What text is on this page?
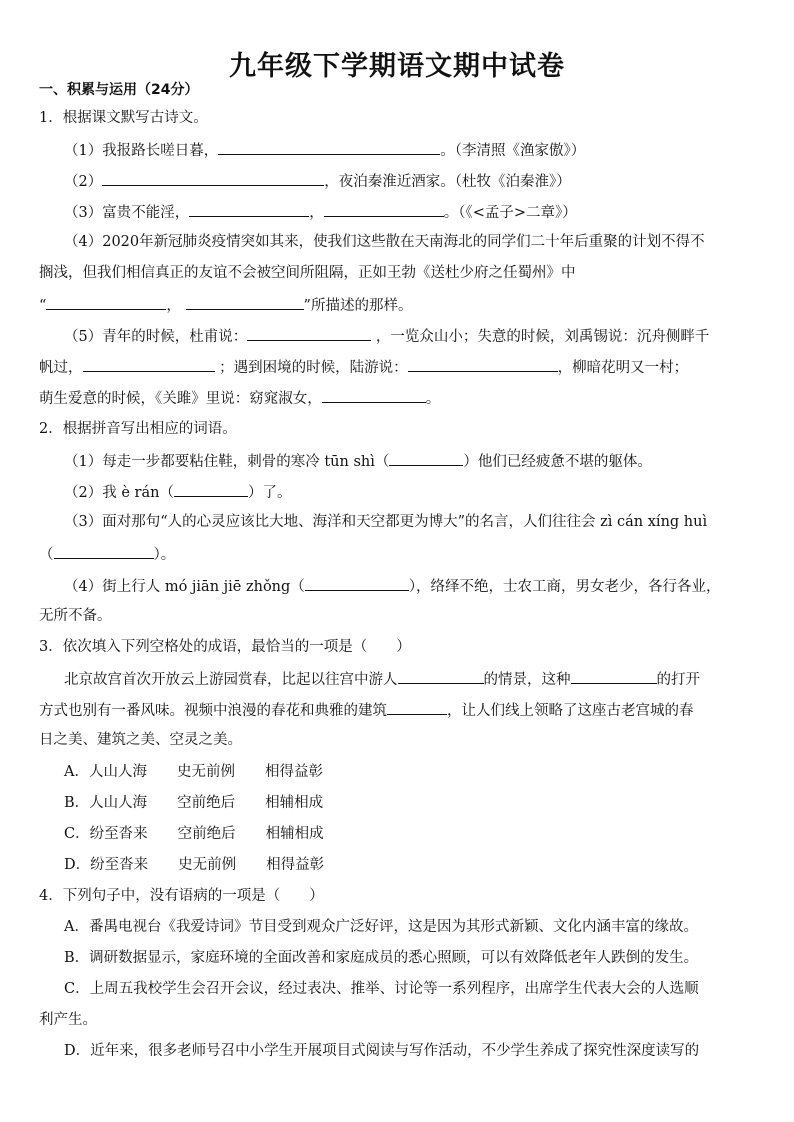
九年级下学期语文期中试卷
一、积累与运用（24分）
1．根据课文默写古诗文。
（1）我报路长嗟日暮，	。（李清照《渔家傲》）
（2）	，夜泊秦淮近酒家。（杜牧《泊秦淮》）
（3）富贵不能淫，	，	。（《<孟子>二章》）
（4）2020年新冠肺炎疫情突如其来，使我们这些散在天南海北的同学们二十年后重聚的计划不得不
搁浅，但我们相信真正的友谊不会被空间所阻隔，正如王勃《送杜少府之任蜀州》中
“	，	”所描述的那样。
（5）青年的时候，杜甫说：	，一览众山小；失意的时候，刘禹锡说：沉舟侧畔千
帆过，	；遇到困境的时候，陆游说：	，柳暗花明又一村；
萌生爱意的时候，《关雎》里说：窈窕淑女，	。
2．根据拼音写出相应的词语。
（1）每走一步都要粘住鞋，刺骨的寒冷 tūn shì（	）他们已经疲惫不堪的躯体。
（2）我 è rán（	）了。
（3）面对那句“人的心灵应该比大地、海洋和天空都更为博大”的名言，人们往往会 zì cán xíng huì
（	）。
（4）街上行人 mó jiān jiē zhǒng（	），络绎不绝，士农工商，男女老少，各行各业，
无所不备。
3．依次填入下列空格处的成语，最恰当的一项是（　　）
北京故宫首次开放云上游园赏春，比起以往宫中游人	的情景，这种	的打开
方式也别有一番风味。视频中浪漫的春花和典雅的建筑	，让人们线上领略了这座古老宫城的春
日之美、建筑之美、空灵之美。
A．人山人海 史无前例 相得益彰
B．人山人海 空前绝后 相辅相成
C．纷至沓来 空前绝后 相辅相成
D．纷至沓来 史无前例 相得益彰
4．下列句子中，没有语病的一项是（　　）
A．番禺电视台《我爱诗词》节目受到观众广泛好评，这是因为其形式新颖、文化内涵丰富的缘故。
B．调研数据显示，家庭环境的全面改善和家庭成员的悉心照顾，可以有效降低老年人跌倒的发生。
C．上周五我校学生会召开会议，经过表决、推举、讨论等一系列程序，出席学生代表大会的人选顺
利产生。
D．近年来，很多老师号召中小学生开展项目式阅读与写作活动，不少学生养成了探究性深度读写的
